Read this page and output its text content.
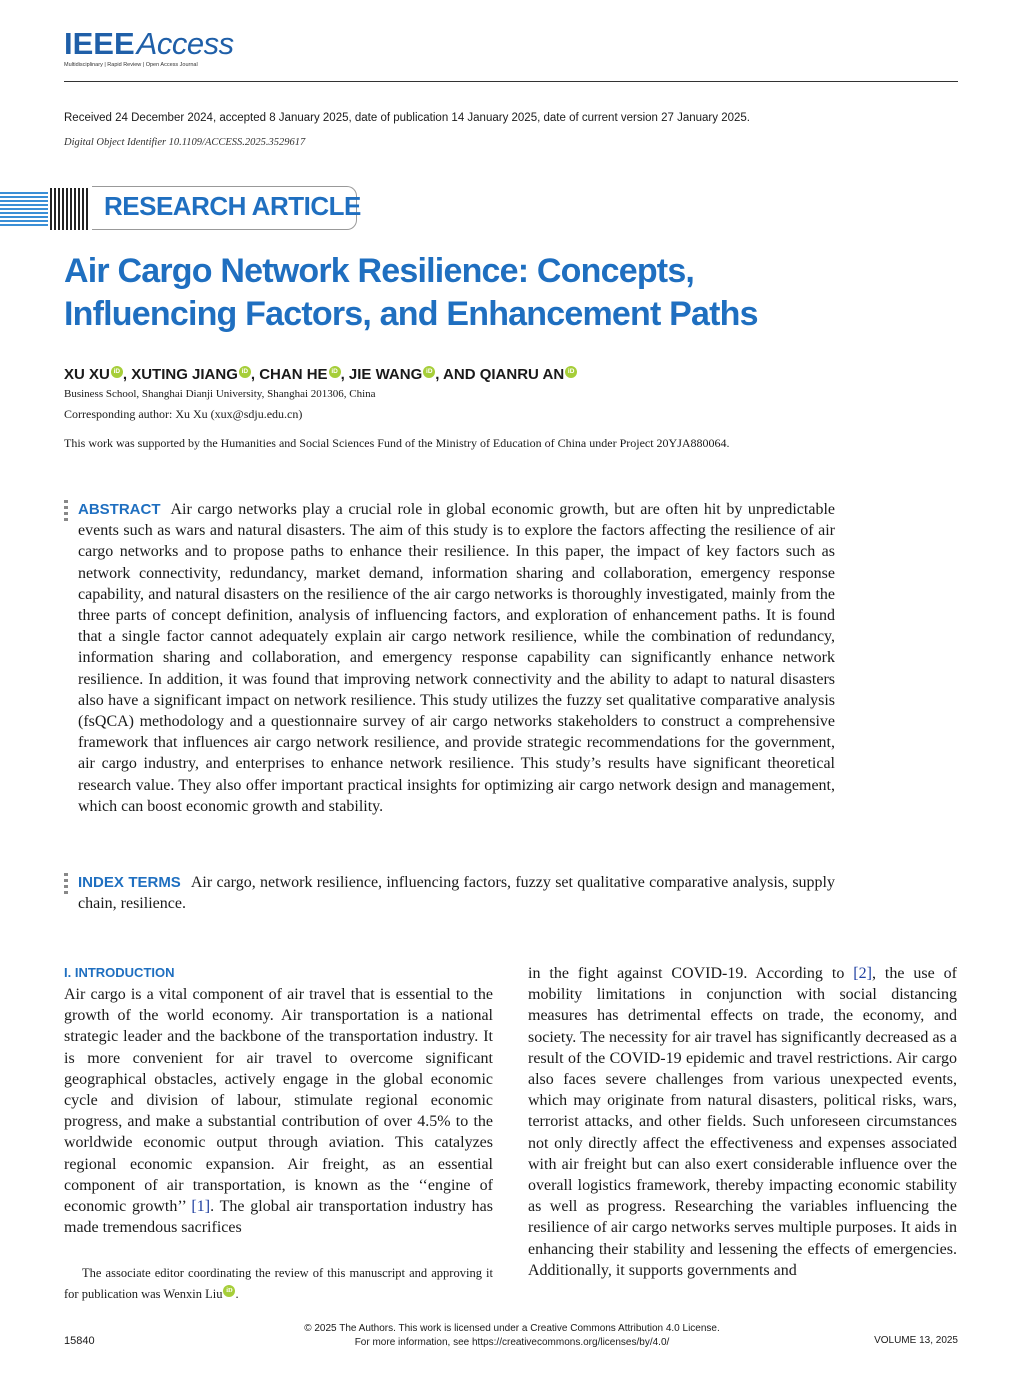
IEEEAccess
Multidisciplinary | Rapid Review | Open Access Journal
Received 24 December 2024, accepted 8 January 2025, date of publication 14 January 2025, date of current version 27 January 2025.
Digital Object Identifier 10.1109/ACCESS.2025.3529617
RESEARCH ARTICLE
Air Cargo Network Resilience: Concepts,
Influencing Factors, and Enhancement Paths
XU XU iD , XUTING JIANG iD , CHAN HE iD , JIE WANG iD , AND QIANRU AN iD
Business School, Shanghai Dianji University, Shanghai 201306, China
Corresponding author: Xu Xu (xux@sdju.edu.cn)
This work was supported by the Humanities and Social Sciences Fund of the Ministry of Education of China under Project 20YJA880064.
ABSTRACT Air cargo networks play a crucial role in global economic growth, but are often hit by unpredictable events such as wars and natural disasters. The aim of this study is to explore the factors affecting the resilience of air cargo networks and to propose paths to enhance their resilience. In this paper, the impact of key factors such as network connectivity, redundancy, market demand, information sharing and collaboration, emergency response capability, and natural disasters on the resilience of the air cargo networks is thoroughly investigated, mainly from the three parts of concept definition, analysis of influencing factors, and exploration of enhancement paths. It is found that a single factor cannot adequately explain air cargo network resilience, while the combination of redundancy, information sharing and collaboration, and emergency response capability can significantly enhance network resilience. In addition, it was found that improving network connectivity and the ability to adapt to natural disasters also have a significant impact on network resilience. This study utilizes the fuzzy set qualitative comparative analysis (fsQCA) methodology and a questionnaire survey of air cargo networks stakeholders to construct a comprehensive framework that influences air cargo network resilience, and provide strategic recommendations for the government, air cargo industry, and enterprises to enhance network resilience. This study’s results have significant theoretical research value. They also offer important practical insights for optimizing air cargo network design and management, which can boost economic growth and stability.
INDEX TERMS Air cargo, network resilience, influencing factors, fuzzy set qualitative comparative analysis, supply chain, resilience.
I. INTRODUCTION
Air cargo is a vital component of air travel that is essential to the growth of the world economy. Air transportation is a national strategic leader and the backbone of the transportation industry. It is more convenient for air travel to overcome significant geographical obstacles, actively engage in the global economic cycle and division of labour, stimulate regional economic progress, and make a substantial contribution of over 4.5% to the worldwide economic output through aviation. This catalyzes regional economic expansion. Air freight, as an essential component of air transportation, is known as the ‘‘engine of economic growth’’ [1]. The global air transportation industry has made tremendous sacrifices
in the fight against COVID-19. According to [2], the use of mobility limitations in conjunction with social distancing measures has detrimental effects on trade, the economy, and society. The necessity for air travel has significantly decreased as a result of the COVID-19 epidemic and travel restrictions. Air cargo also faces severe challenges from various unexpected events, which may originate from natural disasters, political risks, wars, terrorist attacks, and other fields. Such unforeseen circumstances not only directly affect the effectiveness and expenses associated with air freight but can also exert considerable influence over the overall logistics framework, thereby impacting economic stability as well as progress. Researching the variables influencing the resilience of air cargo networks serves multiple purposes. It aids in enhancing their stability and lessening the effects of emergencies. Additionally, it supports governments and
The associate editor coordinating the review of this manuscript and approving it for publication was Wenxin Liu iD .
15840
© 2025 The Authors. This work is licensed under a Creative Commons Attribution 4.0 License.
For more information, see https://creativecommons.org/licenses/by/4.0/	VOLUME 13, 2025
